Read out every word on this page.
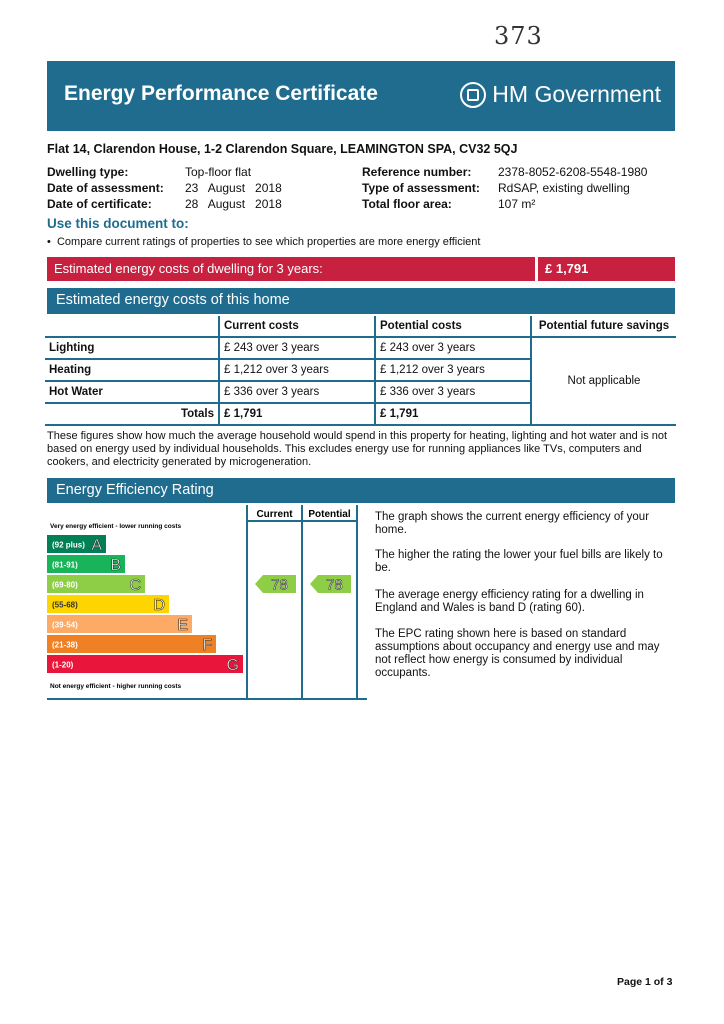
373
Energy Performance Certificate	HM Government
Flat 14, Clarendon House, 1-2 Clarendon Square, LEAMINGTON SPA, CV32 5QJ
Dwelling type:	Top-floor flat
Date of assessment: 23   August   2018
Date of certificate:	28   August   2018
Reference number: 2378-8052-6208-5548-1980
Type of assessment: RdSAP, existing dwelling
Total floor area:	107 m²
Use this document to:
•  Compare current ratings of properties to see which properties are more energy efficient
Estimated energy costs of dwelling for 3 years:	£ 1,791
Estimated energy costs of this home
	Current costs	Potential costs	Potential future savings
Lighting	£ 243 over 3 years	£ 243 over 3 years	Not applicable
Heating	£ 1,212 over 3 years	£ 1,212 over 3 years	
Hot Water	£ 336 over 3 years	£ 336 over 3 years	
Totals	£ 1,791	£ 1,791	
These figures show how much the average household would spend in this property for heating, lighting and hot water and is not based on energy used by individual households. This excludes energy use for running appliances like TVs, computers and cookers, and electricity generated by microgeneration.
Energy Efficiency Rating
Current Potential
Very energy efficient - lower running costs
Not energy efficient - higher running costs
(92 plus) A
(81-91) B
(69-80)	C
(55-68)	D
(39-54)	E
(21-38)	F
(1-20)	G
78	78
The graph shows the current energy efficiency of your home.
The higher the rating the lower your fuel bills are likely to be.
The average energy efficiency rating for a dwelling in England and Wales is band D (rating 60).
The EPC rating shown here is based on standard assumptions about occupancy and energy use and may not reflect how energy is consumed by individual occupants.
Page 1 of 3
